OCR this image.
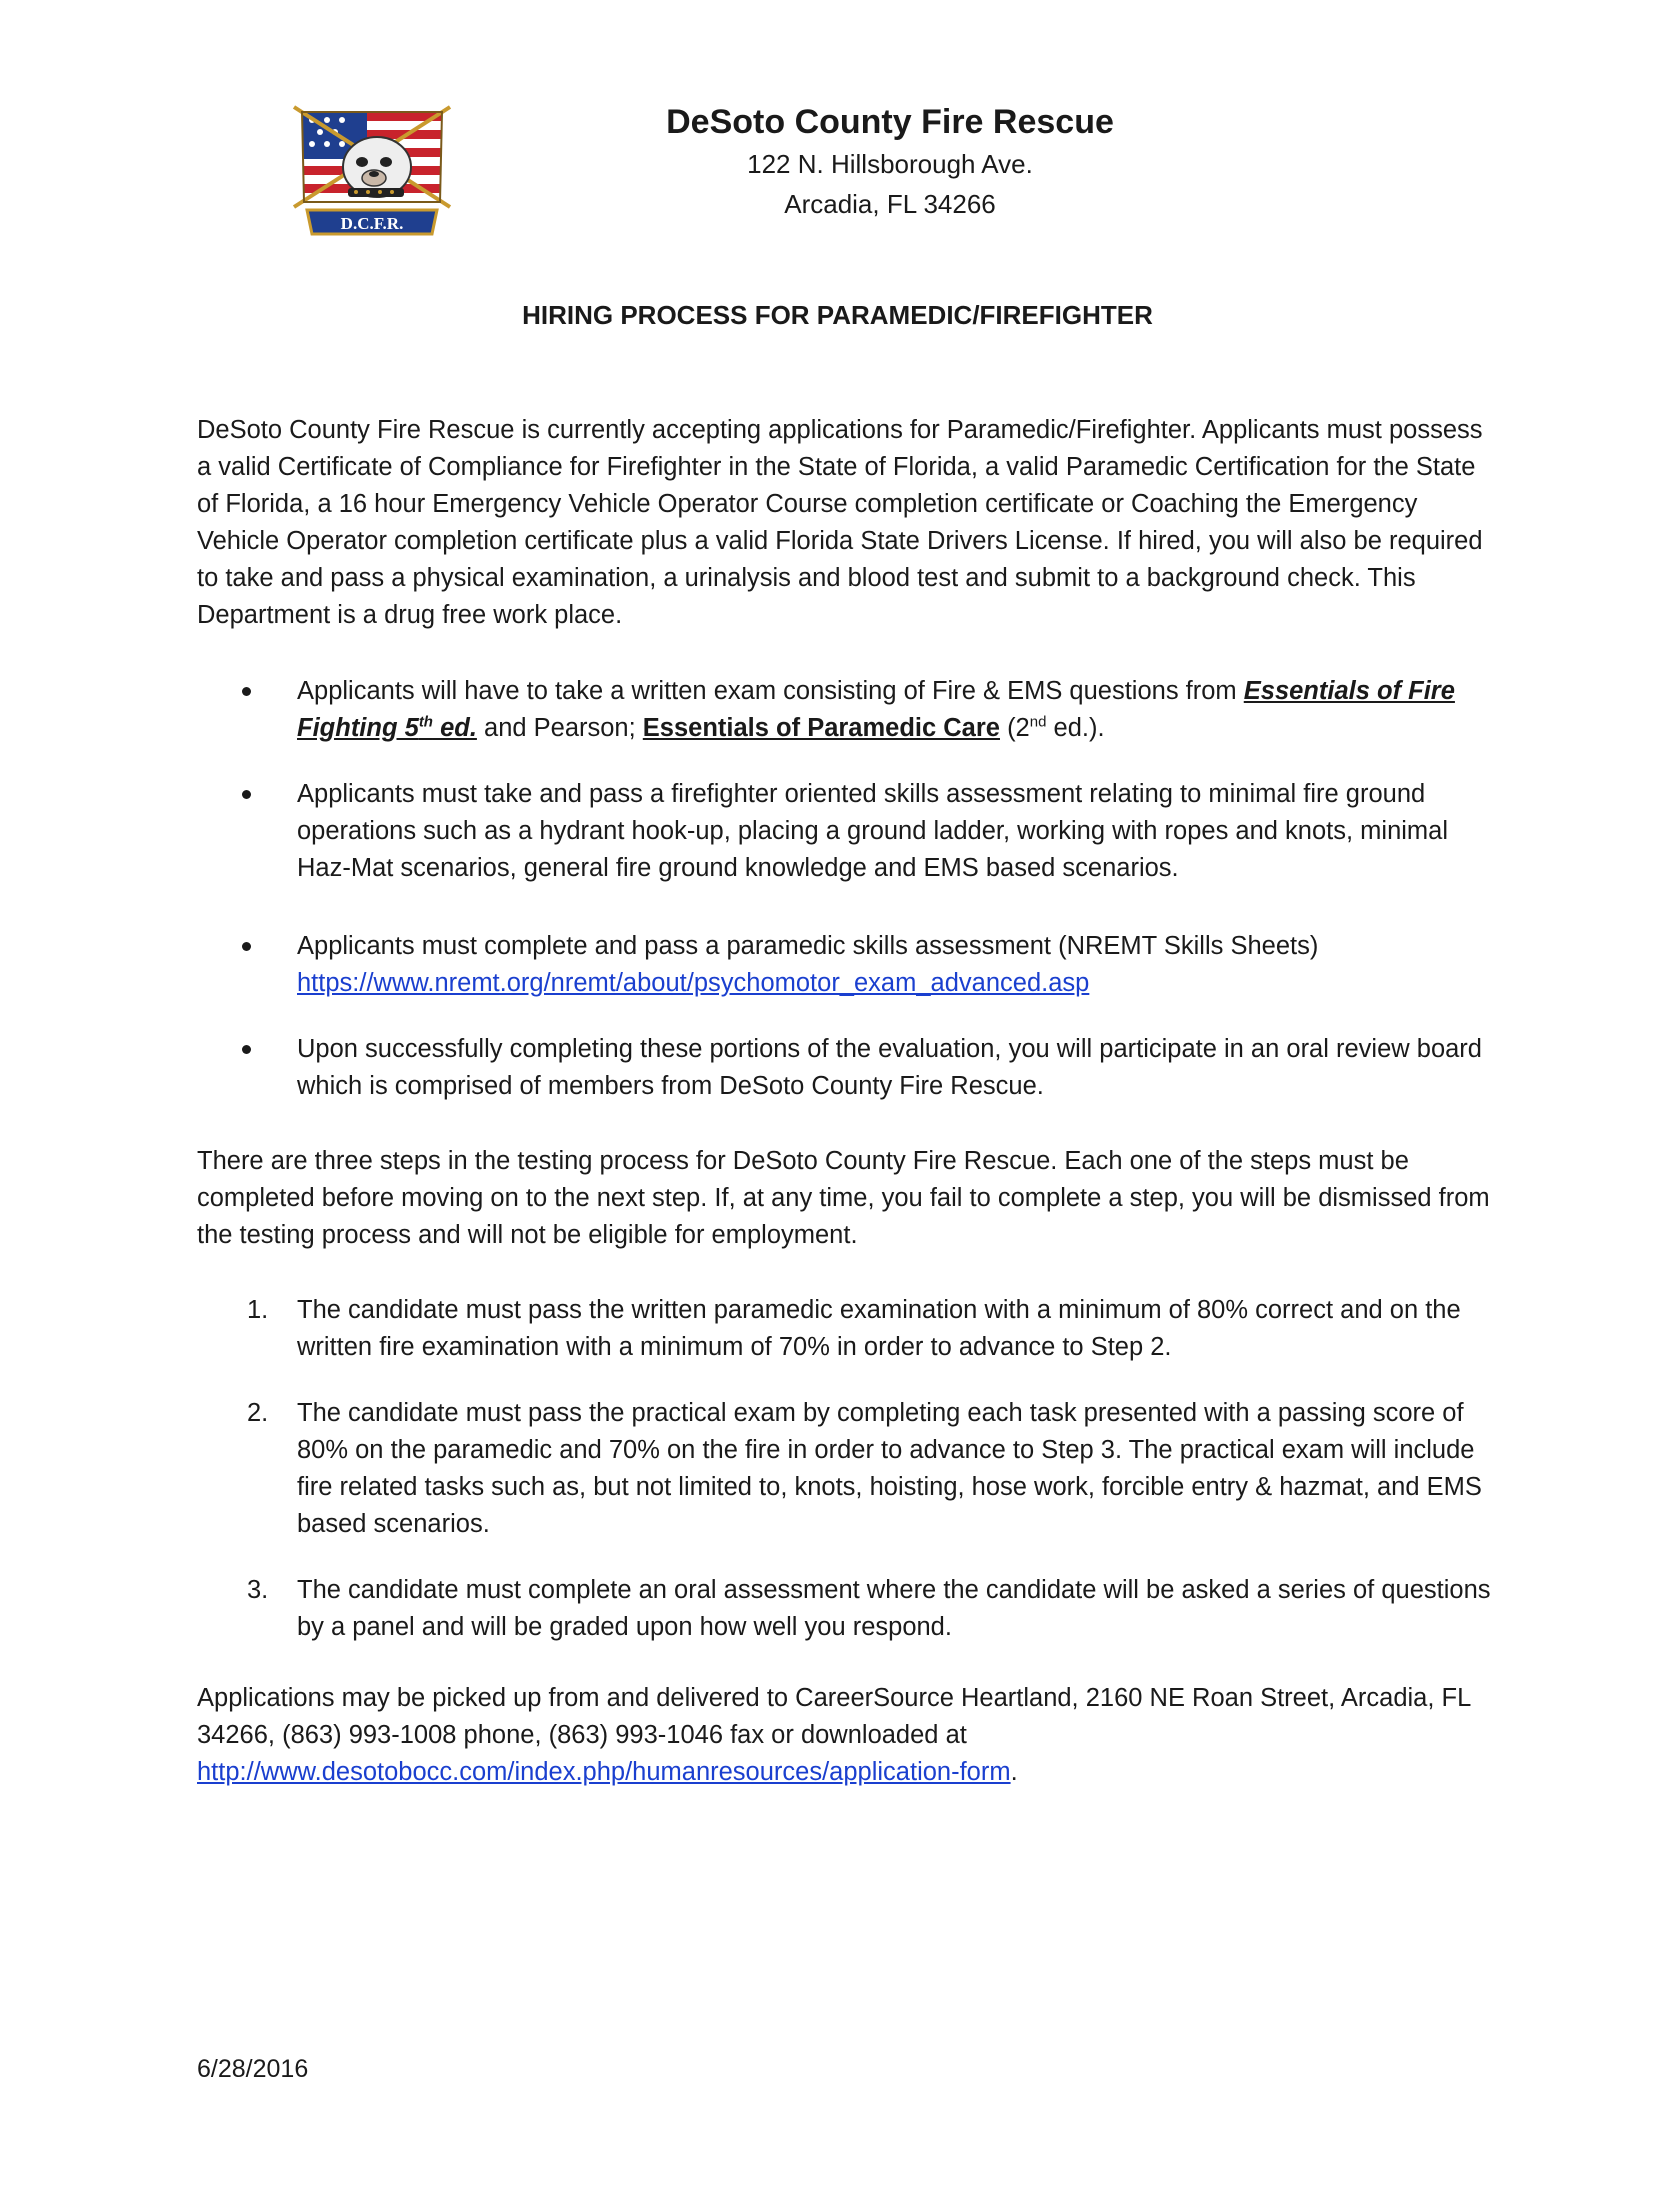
D.C.F.R.
DeSoto County Fire Rescue
122 N. Hillsborough Ave.
Arcadia, FL 34266
HIRING PROCESS FOR PARAMEDIC/FIREFIGHTER

DeSoto County Fire Rescue is currently accepting applications for Paramedic/Firefighter. Applicants must possess a valid Certificate of Compliance for Firefighter in the State of Florida, a valid Paramedic Certification for the State of Florida, a 16 hour Emergency Vehicle Operator Course completion certificate or Coaching the Emergency Vehicle Operator completion certificate plus a valid Florida State Drivers License. If hired, you will also be required to take and pass a physical examination, a urinalysis and blood test and submit to a background check. This Department is a drug free work place.

Applicants will have to take a written exam consisting of Fire & EMS questions from Essentials of Fire Fighting 5th ed. and Pearson; Essentials of Paramedic Care (2nd ed.).
Applicants must take and pass a firefighter oriented skills assessment relating to minimal fire ground operations such as a hydrant hook-up, placing a ground ladder, working with ropes and knots, minimal Haz-Mat scenarios, general fire ground knowledge and EMS based scenarios.
Applicants must complete and pass a paramedic skills assessment (NREMT Skills Sheets)
https://www.nremt.org/nremt/about/psychomotor_exam_advanced.asp
Upon successfully completing these portions of the evaluation, you will participate in an oral review board which is comprised of members from DeSoto County Fire Rescue.

There are three steps in the testing process for DeSoto County Fire Rescue. Each one of the steps must be completed before moving on to the next step. If, at any time, you fail to complete a step, you will be dismissed from the testing process and will not be eligible for employment.

1. The candidate must pass the written paramedic examination with a minimum of 80% correct and on the written fire examination with a minimum of 70% in order to advance to Step 2.
2. The candidate must pass the practical exam by completing each task presented with a passing score of 80% on the paramedic and 70% on the fire in order to advance to Step 3. The practical exam will include fire related tasks such as, but not limited to, knots, hoisting, hose work, forcible entry & hazmat, and EMS based scenarios.
3. The candidate must complete an oral assessment where the candidate will be asked a series of questions by a panel and will be graded upon how well you respond.

Applications may be picked up from and delivered to CareerSource Heartland, 2160 NE Roan Street, Arcadia, FL 34266, (863) 993-1008 phone, (863) 993-1046 fax or downloaded at http://www.desotobocc.com/index.php/humanresources/application-form.

6/28/2016
